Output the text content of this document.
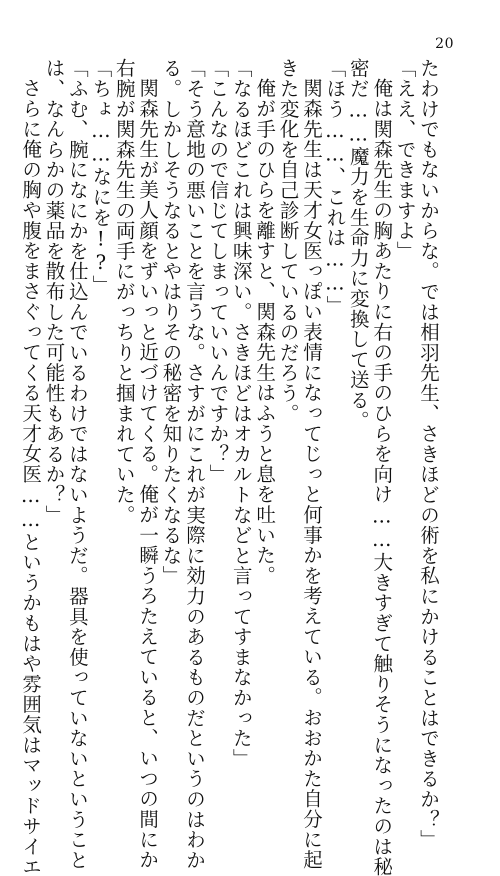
20
たわけでもないからな。では相羽先生、さきほどの術を私にかけることはできるか？」
「ええ、できますよ」
俺は関森先生の胸あたりに右の手のひらを向け……大きすぎて触りそうになったのは秘
密だ……魔力を生命力に変換して送る。
「ほう……、これは……」
関森先生は天才女医っぽい表情になってじっと何事かを考えている。おおかた自分に起
きた変化を自己診断しているのだろう。
俺が手のひらを離すと、関森先生はふうと息を吐いた。
「なるほどこれは興味深い。さきほどはオカルトなどと言ってすまなかった」
「こんなので信じてしまっていいんですか？」
「そう意地の悪いことを言うな。さすがにこれが実際に効力のあるものだというのはわか
る。しかしそうなるとやはりその秘密を知りたくなるな」
関森先生が美人顔をずいっと近づけてくる。俺が一瞬うろたえていると、いつの間にか
右腕が関森先生の両手にがっちりと掴まれていた。
「ちょ……なにを!?」
「ふむ、腕になにかを仕込んでいるわけではないようだ。器具を使っていないということ
は、なんらかの薬品を散布した可能性もあるか？」
さらに俺の胸や腹をまさぐってくる天才女医……というかもはや雰囲気はマッドサイエ
